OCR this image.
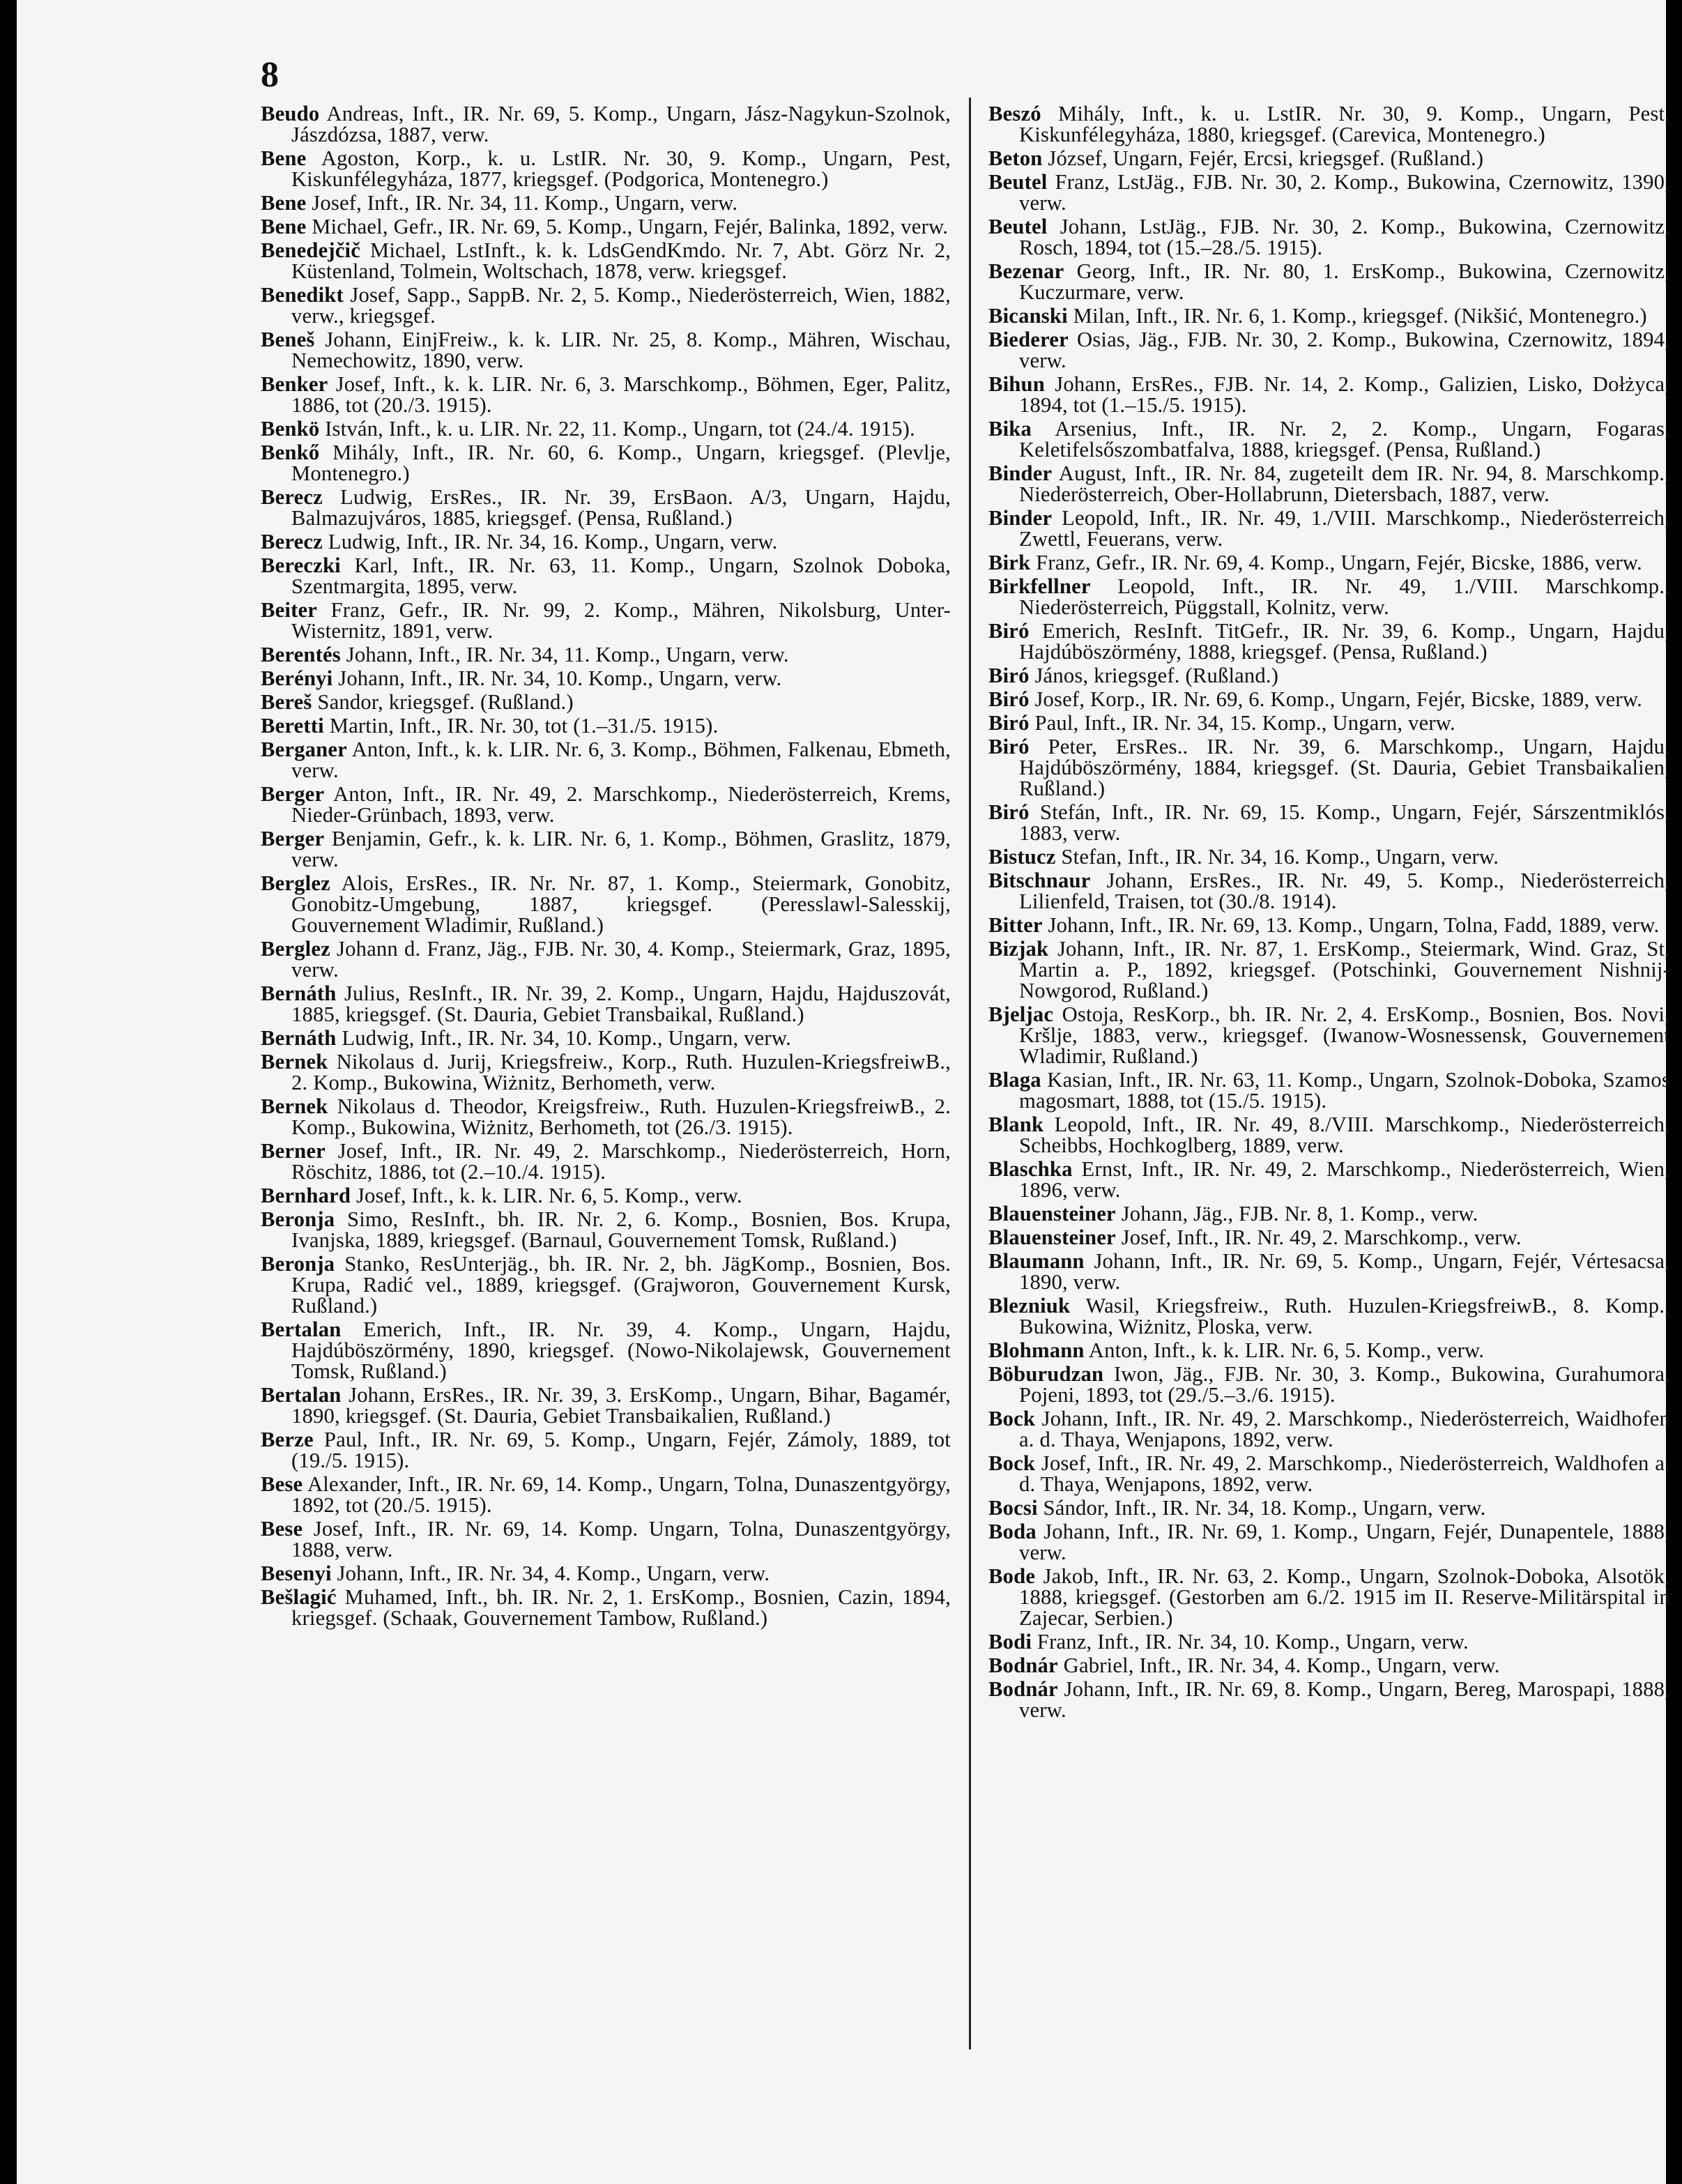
8

Beudo Andreas, Inft., IR. Nr. 69, 5. Komp., Ungarn, Jász-Nagykun-Szolnok, Jászdózsa, 1887, verw.

Bene Agoston, Korp., k. u. LstIR. Nr. 30, 9. Komp., Ungarn, Pest, Kiskunfélegyháza, 1877, kriegsgef. (Podgorica, Montenegro.)

Bene Josef, Inft., IR. Nr. 34, 11. Komp., Ungarn, verw.

Bene Michael, Gefr., IR. Nr. 69, 5. Komp., Ungarn, Fejér, Balinka, 1892, verw.

Benedejčič Michael, LstInft., k. k. LdsGendKmdo. Nr. 7, Abt. Görz Nr. 2, Küstenland, Tolmein, Woltschach, 1878, verw. kriegsgef.

Benedikt Josef, Sapp., SappB. Nr. 2, 5. Komp., Niederösterreich, Wien, 1882, verw., kriegsgef.

Beneš Johann, EinjFreiw., k. k. LIR. Nr. 25, 8. Komp., Mähren, Wischau, Nemechowitz, 1890, verw.

Benker Josef, Inft., k. k. LIR. Nr. 6, 3. Marschkomp., Böhmen, Eger, Palitz, 1886, tot (20./3. 1915).

Benkö István, Inft., k. u. LIR. Nr. 22, 11. Komp., Ungarn, tot (24./4. 1915).

Benkő Mihály, Inft., IR. Nr. 60, 6. Komp., Ungarn, kriegsgef. (Plevlje, Montenegro.)

Berecz Ludwig, ErsRes., IR. Nr. 39, ErsBaon. A/3, Ungarn, Hajdu, Balmazujváros, 1885, kriegsgef. (Pensa, Rußland.)

Berecz Ludwig, Inft., IR. Nr. 34, 16. Komp., Ungarn, verw.

Bereczki Karl, Inft., IR. Nr. 63, 11. Komp., Ungarn, Szolnok Doboka, Szentmargita, 1895, verw.

Beiter Franz, Gefr., IR. Nr. 99, 2. Komp., Mähren, Nikolsburg, Unter-Wisternitz, 1891, verw.

Berentés Johann, Inft., IR. Nr. 34, 11. Komp., Ungarn, verw.

Berényi Johann, Inft., IR. Nr. 34, 10. Komp., Ungarn, verw.

Bereš Sandor, kriegsgef. (Rußland.)

Beretti Martin, Inft., IR. Nr. 30, tot (1.–31./5. 1915).

Berganer Anton, Inft., k. k. LIR. Nr. 6, 3. Komp., Böhmen, Falkenau, Ebmeth, verw.

Berger Anton, Inft., IR. Nr. 49, 2. Marschkomp., Niederösterreich, Krems, Nieder-Grünbach, 1893, verw.

Berger Benjamin, Gefr., k. k. LIR. Nr. 6, 1. Komp., Böhmen, Graslitz, 1879, verw.

Berglez Alois, ErsRes., IR. Nr. Nr. 87, 1. Komp., Steiermark, Gonobitz, Gonobitz-Umgebung, 1887, kriegsgef. (Peresslawl-Salesskij, Gouvernement Wladimir, Rußland.)

Berglez Johann d. Franz, Jäg., FJB. Nr. 30, 4. Komp., Steiermark, Graz, 1895, verw.

Bernáth Julius, ResInft., IR. Nr. 39, 2. Komp., Ungarn, Hajdu, Hajduszovát, 1885, kriegsgef. (St. Dauria, Gebiet Transbaikal, Rußland.)

Bernáth Ludwig, Inft., IR. Nr. 34, 10. Komp., Ungarn, verw.

Bernek Nikolaus d. Jurij, Kriegsfreiw., Korp., Ruth. Huzulen-KriegsfreiwB., 2. Komp., Bukowina, Wiżnitz, Berhometh, verw.

Bernek Nikolaus d. Theodor, Kreigsfreiw., Ruth. Huzulen-KriegsfreiwB., 2. Komp., Bukowina, Wiżnitz, Berhometh, tot (26./3. 1915).

Berner Josef, Inft., IR. Nr. 49, 2. Marschkomp., Niederösterreich, Horn, Röschitz, 1886, tot (2.–10./4. 1915).

Bernhard Josef, Inft., k. k. LIR. Nr. 6, 5. Komp., verw.

Beronja Simo, ResInft., bh. IR. Nr. 2, 6. Komp., Bosnien, Bos. Krupa, Ivanjska, 1889, kriegsgef. (Barnaul, Gouvernement Tomsk, Rußland.)

Beronja Stanko, ResUnterjäg., bh. IR. Nr. 2, bh. JägKomp., Bosnien, Bos. Krupa, Radić vel., 1889, kriegsgef. (Grajworon, Gouvernement Kursk, Rußland.)

Bertalan Emerich, Inft., IR. Nr. 39, 4. Komp., Ungarn, Hajdu, Hajdúböszörmény, 1890, kriegsgef. (Nowo-Nikolajewsk, Gouvernement Tomsk, Rußland.)

Bertalan Johann, ErsRes., IR. Nr. 39, 3. ErsKomp., Ungarn, Bihar, Bagamér, 1890, kriegsgef. (St. Dauria, Gebiet Transbaikalien, Rußland.)

Berze Paul, Inft., IR. Nr. 69, 5. Komp., Ungarn, Fejér, Zámoly, 1889, tot (19./5. 1915).

Bese Alexander, Inft., IR. Nr. 69, 14. Komp., Ungarn, Tolna, Dunaszentgyörgy, 1892, tot (20./5. 1915).

Bese Josef, Inft., IR. Nr. 69, 14. Komp. Ungarn, Tolna, Dunaszentgyörgy, 1888, verw.

Besenyi Johann, Inft., IR. Nr. 34, 4. Komp., Ungarn, verw.

Bešlagić Muhamed, Inft., bh. IR. Nr. 2, 1. ErsKomp., Bosnien, Cazin, 1894, kriegsgef. (Schaak, Gouvernement Tambow, Rußland.)

Beszó Mihály, Inft., k. u. LstIR. Nr. 30, 9. Komp., Ungarn, Pest, Kiskunfélegyháza, 1880, kriegsgef. (Carevica, Montenegro.)

Beton József, Ungarn, Fejér, Ercsi, kriegsgef. (Rußland.)

Beutel Franz, LstJäg., FJB. Nr. 30, 2. Komp., Bukowina, Czernowitz, 1390, verw.

Beutel Johann, LstJäg., FJB. Nr. 30, 2. Komp., Bukowina, Czernowitz, Rosch, 1894, tot (15.–28./5. 1915).

Bezenar Georg, Inft., IR. Nr. 80, 1. ErsKomp., Bukowina, Czernowitz, Kuczurmare, verw.

Bicanski Milan, Inft., IR. Nr. 6, 1. Komp., kriegsgef. (Nikšić, Montenegro.)

Biederer Osias, Jäg., FJB. Nr. 30, 2. Komp., Bukowina, Czernowitz, 1894, verw.

Bihun Johann, ErsRes., FJB. Nr. 14, 2. Komp., Galizien, Lisko, Dołżyca, 1894, tot (1.–15./5. 1915).

Bika Arsenius, Inft., IR. Nr. 2, 2. Komp., Ungarn, Fogaras, Keletifelsőszombatfalva, 1888, kriegsgef. (Pensa, Rußland.)

Binder August, Inft., IR. Nr. 84, zugeteilt dem IR. Nr. 94, 8. Marschkomp., Niederösterreich, Ober-Hollabrunn, Dietersbach, 1887, verw.

Binder Leopold, Inft., IR. Nr. 49, 1./VIII. Marschkomp., Niederösterreich, Zwettl, Feuerans, verw.

Birk Franz, Gefr., IR. Nr. 69, 4. Komp., Ungarn, Fejér, Bicske, 1886, verw.

Birkfellner Leopold, Inft., IR. Nr. 49, 1./VIII. Marschkomp., Niederösterreich, Püggstall, Kolnitz, verw.

Biró Emerich, ResInft. TitGefr., IR. Nr. 39, 6. Komp., Ungarn, Hajdu, Hajdúböszörmény, 1888, kriegsgef. (Pensa, Rußland.)

Biró János, kriegsgef. (Rußland.)

Biró Josef, Korp., IR. Nr. 69, 6. Komp., Ungarn, Fejér, Bicske, 1889, verw.

Biró Paul, Inft., IR. Nr. 34, 15. Komp., Ungarn, verw.

Biró Peter, ErsRes.. IR. Nr. 39, 6. Marschkomp., Ungarn, Hajdu, Hajdúböszörmény, 1884, kriegsgef. (St. Dauria, Gebiet Transbaikalien, Rußland.)

Biró Stefán, Inft., IR. Nr. 69, 15. Komp., Ungarn, Fejér, Sárszentmiklós, 1883, verw.

Bistucz Stefan, Inft., IR. Nr. 34, 16. Komp., Ungarn, verw.

Bitschnaur Johann, ErsRes., IR. Nr. 49, 5. Komp., Niederösterreich, Lilienfeld, Traisen, tot (30./8. 1914).

Bitter Johann, Inft., IR. Nr. 69, 13. Komp., Ungarn, Tolna, Fadd, 1889, verw.

Bizjak Johann, Inft., IR. Nr. 87, 1. ErsKomp., Steiermark, Wind. Graz, St, Martin a. P., 1892, kriegsgef. (Potschinki, Gouvernement Nishnij-Nowgorod, Rußland.)

Bjeljac Ostoja, ResKorp., bh. IR. Nr. 2, 4. ErsKomp., Bosnien, Bos. Novi, Kršlje, 1883, verw., kriegsgef. (Iwanow-Wosnessensk, Gouvernement Wladimir, Rußland.)

Blaga Kasian, Inft., IR. Nr. 63, 11. Komp., Ungarn, Szolnok-Doboka, Szamos magosmart, 1888, tot (15./5. 1915).

Blank Leopold, Inft., IR. Nr. 49, 8./VIII. Marschkomp., Niederösterreich, Scheibbs, Hochkoglberg, 1889, verw.

Blaschka Ernst, Inft., IR. Nr. 49, 2. Marschkomp., Niederösterreich, Wien, 1896, verw.

Blauensteiner Johann, Jäg., FJB. Nr. 8, 1. Komp., verw.

Blauensteiner Josef, Inft., IR. Nr. 49, 2. Marschkomp., verw.

Blaumann Johann, Inft., IR. Nr. 69, 5. Komp., Ungarn, Fejér, Vértesacsa, 1890, verw.

Blezniuk Wasil, Kriegsfreiw., Ruth. Huzulen-KriegsfreiwB., 8. Komp., Bukowina, Wiżnitz, Ploska, verw.

Blohmann Anton, Inft., k. k. LIR. Nr. 6, 5. Komp., verw.

Böburudzan Iwon, Jäg., FJB. Nr. 30, 3. Komp., Bukowina, Gurahumora, Pojeni, 1893, tot (29./5.–3./6. 1915).

Bock Johann, Inft., IR. Nr. 49, 2. Marschkomp., Niederösterreich, Waidhofen a. d. Thaya, Wenjapons, 1892, verw.

Bock Josef, Inft., IR. Nr. 49, 2. Marschkomp., Niederösterreich, Waldhofen a. d. Thaya, Wenjapons, 1892, verw.

Bocsi Sándor, Inft., IR. Nr. 34, 18. Komp., Ungarn, verw.

Boda Johann, Inft., IR. Nr. 69, 1. Komp., Ungarn, Fejér, Dunapentele, 1888, verw.

Bode Jakob, Inft., IR. Nr. 63, 2. Komp., Ungarn, Szolnok-Doboka, Alsotök, 1888, kriegsgef. (Gestorben am 6./2. 1915 im II. Reserve-Militärspital in Zajecar, Serbien.)

Bodi Franz, Inft., IR. Nr. 34, 10. Komp., Ungarn, verw.

Bodnár Gabriel, Inft., IR. Nr. 34, 4. Komp., Ungarn, verw.

Bodnár Johann, Inft., IR. Nr. 69, 8. Komp., Ungarn, Bereg, Marospapi, 1888, verw.
